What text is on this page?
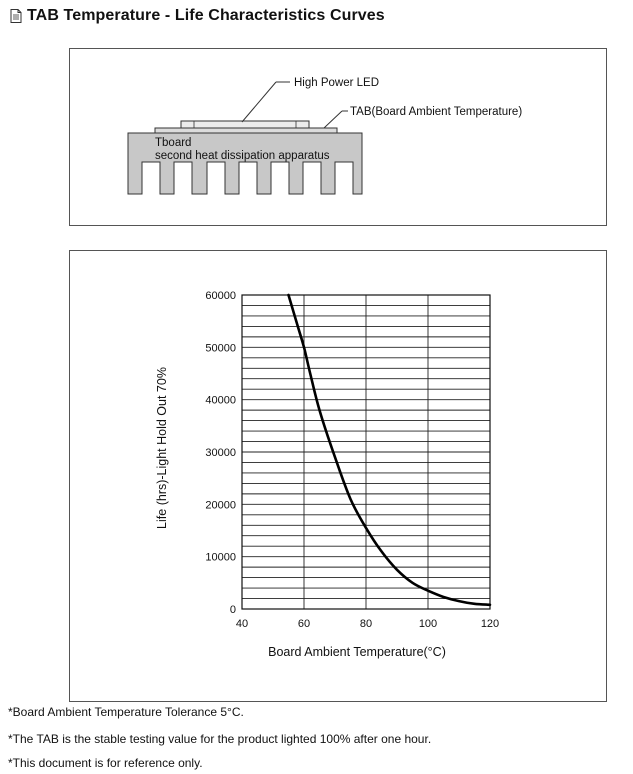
TAB Temperature - Life Characteristics Curves
High Power LED
TAB(Board Ambient Temperature)
Tboard
second heat dissipation apparatus
0
10000
20000
30000
40000
50000
60000
40	60	80	100	120
Board Ambient Temperature(°C)
Life (hrs)-Light Hold Out 70%
*Board Ambient Temperature Tolerance 5°C.
*The TAB is the stable testing value for the product lighted 100% after one hour.
*This document is for reference only.
